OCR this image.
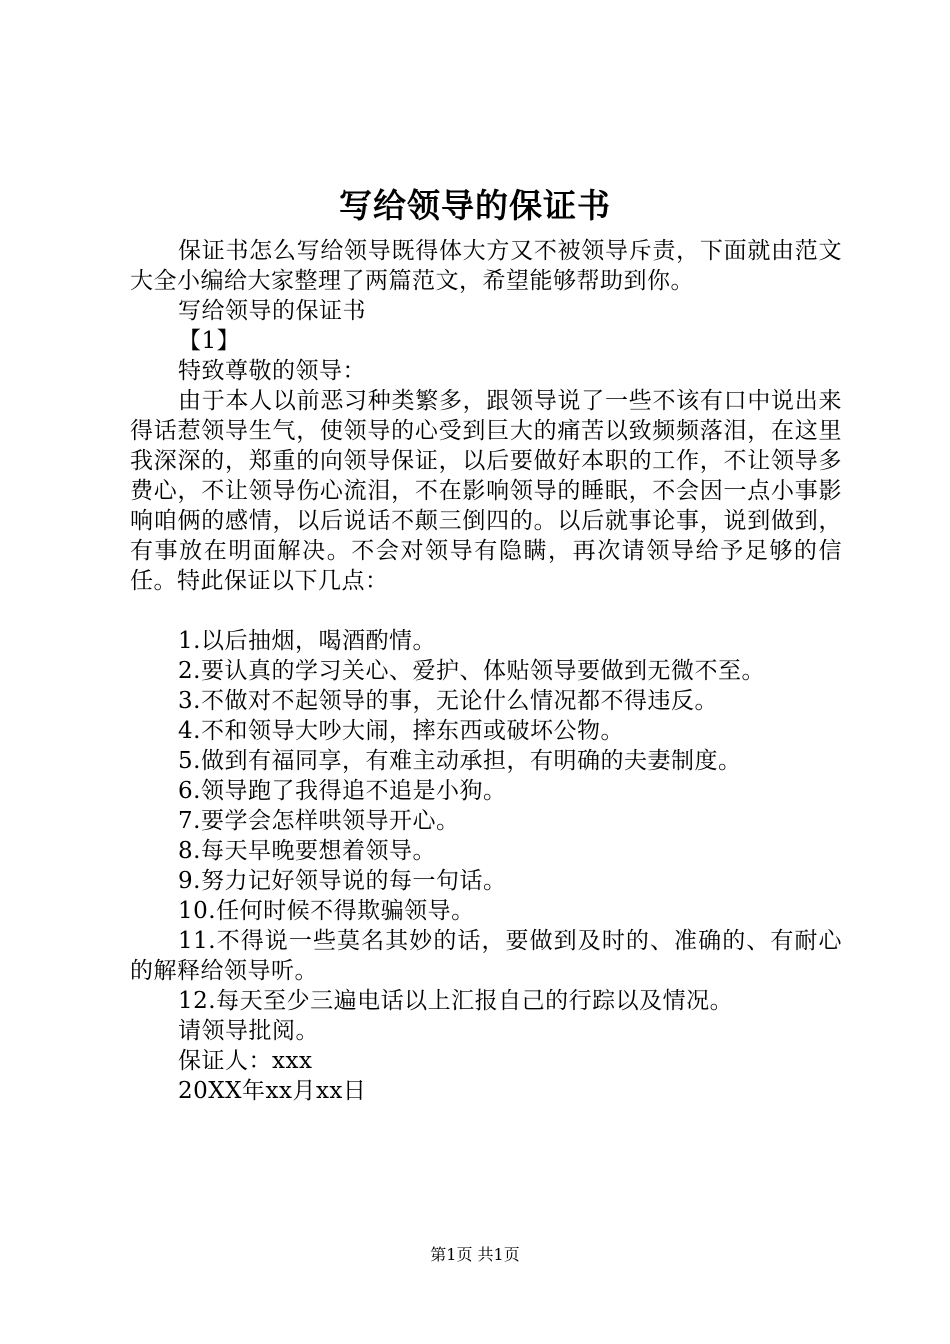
写给领导的保证书

保证书怎么写给领导既得体大方又不被领导斥责，下面就由范文大全小编给大家整理了两篇范文，希望能够帮助到你。

写给领导的保证书

【1】

特致尊敬的领导：

由于本人以前恶习种类繁多，跟领导说了一些不该有口中说出来得话惹领导生气，使领导的心受到巨大的痛苦以致频频落泪，在这里我深深的，郑重的向领导保证，以后要做好本职的工作，不让领导多费心，不让领导伤心流泪，不在影响领导的睡眠，不会因一点小事影响咱俩的感情，以后说话不颠三倒四的。以后就事论事，说到做到，有事放在明面解决。不会对领导有隐瞒，再次请领导给予足够的信任。特此保证以下几点：

1.以后抽烟，喝酒酌情。

2.要认真的学习关心、爱护、体贴领导要做到无微不至。

3.不做对不起领导的事，无论什么情况都不得违反。

4.不和领导大吵大闹，摔东西或破坏公物。

5.做到有福同享，有难主动承担，有明确的夫妻制度。

6.领导跑了我得追不追是小狗。

7.要学会怎样哄领导开心。

8.每天早晚要想着领导。

9.努力记好领导说的每一句话。

10.任何时候不得欺骗领导。

11.不得说一些莫名其妙的话，要做到及时的、准确的、有耐心的解释给领导听。

12.每天至少三遍电话以上汇报自己的行踪以及情况。

请领导批阅。

保证人：xxx

20XX年xx月xx日

第1页 共1页
